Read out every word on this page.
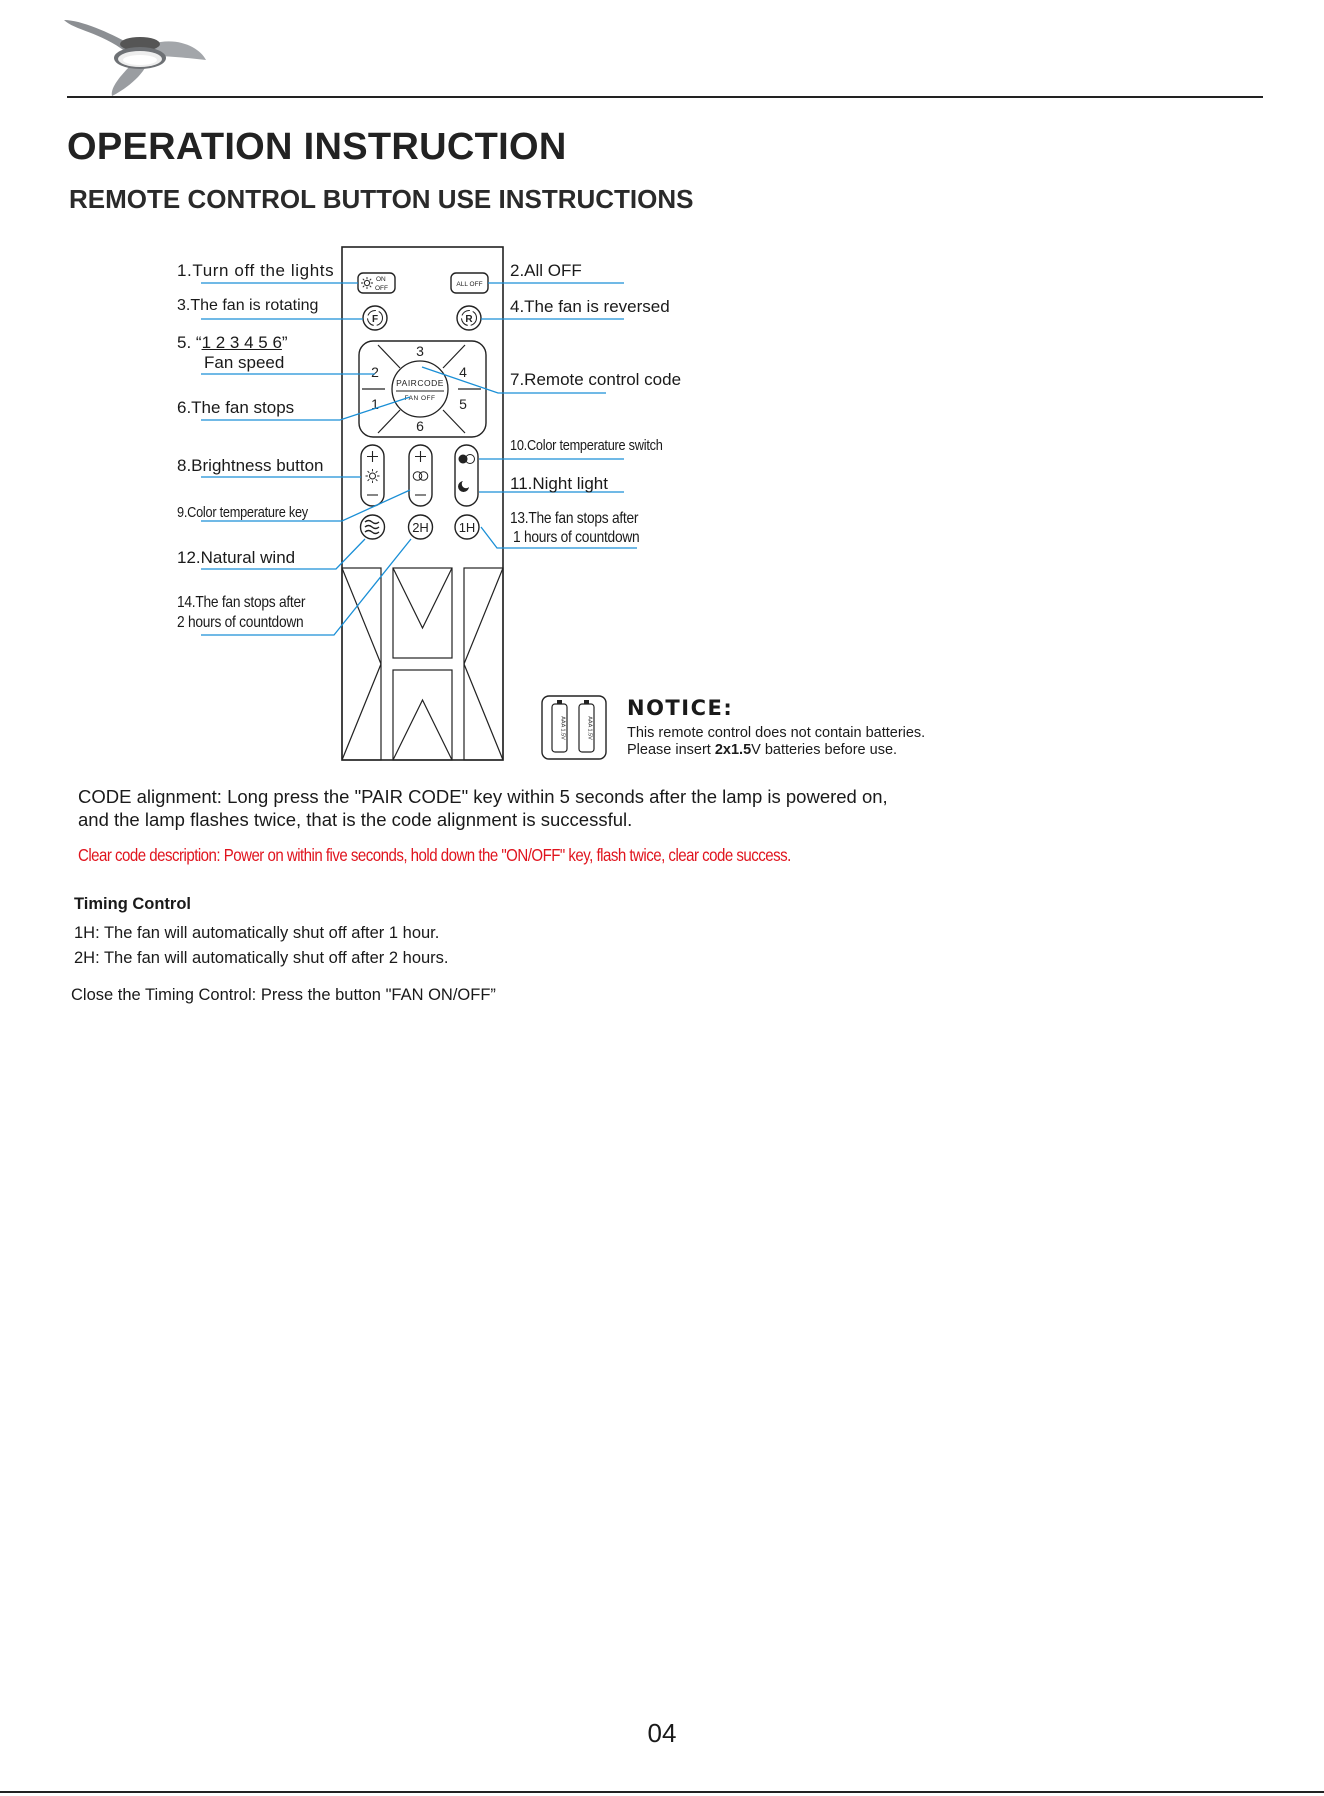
OPERATION INSTRUCTION
REMOTE CONTROL BUTTON USE INSTRUCTIONS
ON
OFF
ALL OFF
F	R
PAIRCODE
FAN OFF
1
2
3
4
5
6
2H 1H
AAA 1.5V	AAA 1.5V
1.Turn off the lights	2.All OFF
3.The fan is rotating	4.The fan is reversed
5. “1 2 3 4 5 6”
Fan speed
6.The fan stops
7.Remote control code
8.Brightness button
9.Color temperature key
10.Color temperature switch
11.Night light
12.Natural wind
13.The fan stops after
1 hours of countdown
14.The fan stops after
2 hours of countdown
NOTICE:
This remote control does not contain batteries.
Please insert 2x1.5V batteries before use.
CODE alignment: Long press the "PAIR CODE" key within 5 seconds after the lamp is powered on,
and the lamp flashes twice, that is the code alignment is successful.
Clear code description: Power on within five seconds, hold down the "ON/OFF" key, flash twice, clear code success.
Timing Control
1H: The fan will automatically shut off after 1 hour.
2H: The fan will automatically shut off after 2 hours.
Close the Timing Control: Press the button "FAN ON/OFF”
04
